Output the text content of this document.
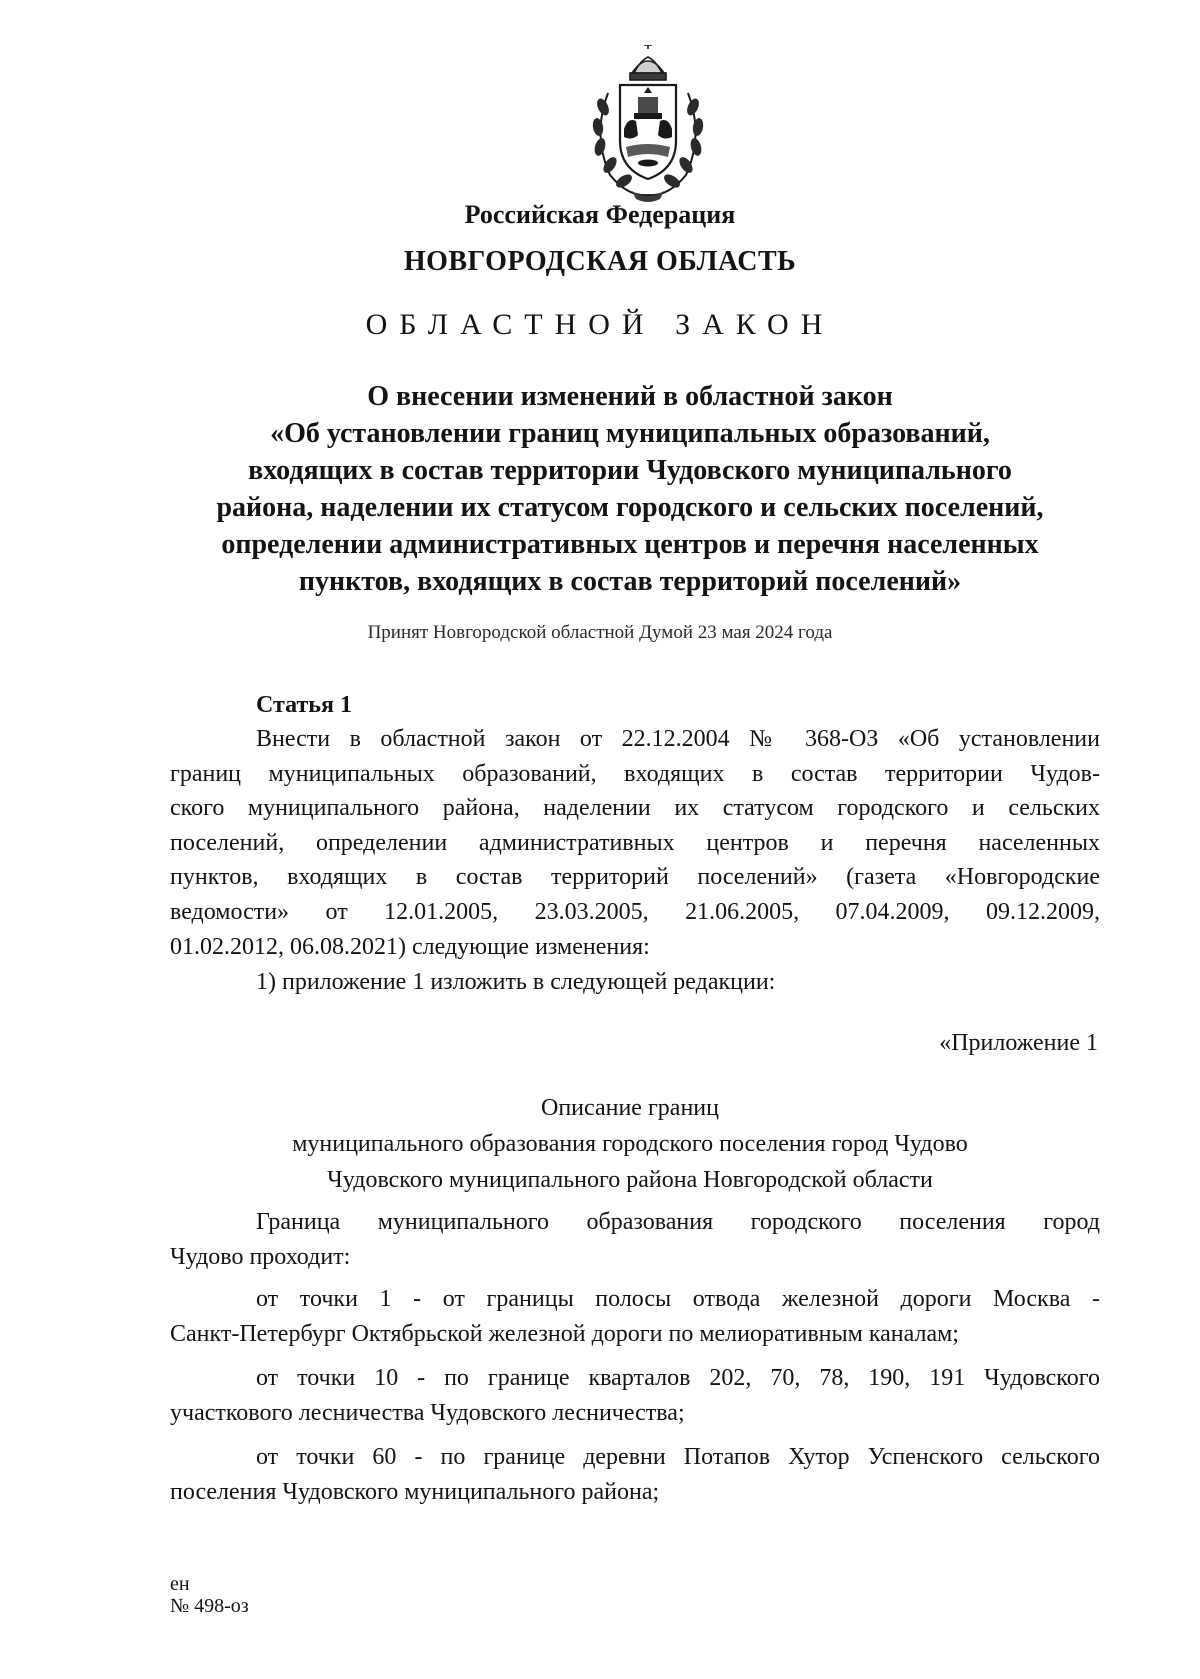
Российская Федерация
НОВГОРОДСКАЯ ОБЛАСТЬ
ОБЛАСТНОЙ ЗАКОН
О внесении изменений в областной закон
«Об установлении границ муниципальных образований,
входящих в состав территории Чудовского муниципального
района, наделении их статусом городского и сельских поселений,
определении административных центров и перечня населенных
пунктов, входящих в состав территорий поселений»
Принят Новгородской областной Думой 23 мая 2024 года
Статья 1
Внести в областной закон от 22.12.2004 № 368-ОЗ «Об установлении
границ муниципальных образований, входящих в состав территории Чудов-
ского муниципального района, наделении их статусом городского и сельских
поселений, определении административных центров и перечня населенных
пунктов, входящих в состав территорий поселений» (газета «Новгородские
ведомости» от 12.01.2005, 23.03.2005, 21.06.2005, 07.04.2009, 09.12.2009,
01.02.2012, 06.08.2021) следующие изменения:
1) приложение 1 изложить в следующей редакции:
«Приложение 1
Описание границ
муниципального образования городского поселения город Чудово
Чудовского муниципального района Новгородской области
Граница муниципального образования городского поселения город
Чудово проходит:
от точки 1 - от границы полосы отвода железной дороги Москва -
Санкт-Петербург Октябрьской железной дороги по мелиоративным каналам;
от точки 10 - по границе кварталов 202, 70, 78, 190, 191 Чудовского
участкового лесничества Чудовского лесничества;
от точки 60 - по границе деревни Потапов Хутор Успенского сельского
поселения Чудовского муниципального района;
ен
№ 498-оз
